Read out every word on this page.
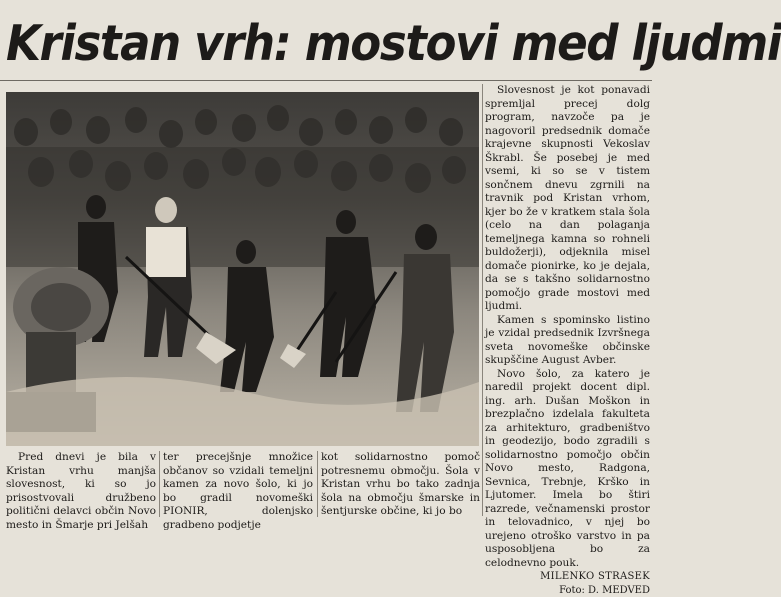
Kristan vrh: mostovi med ljudmi

Slovesnost je kot ponavadi spremljal precej dolg program, navzoče pa je nagovoril predsednik domače krajevne skupnosti Vekoslav Škrabl. Še posebej je med vsemi, ki so se v tistem sončnem dnevu zgrnili na travnik pod Kristan vrhom, kjer bo že v kratkem stala šola (celo na dan polaganja temeljnega kamna so rohneli buldožerji), odjeknila misel domače pionirke, ko je dejala, da se s takšno solidarnostno pomočjo grade mostovi med ljudmi.

Kamen s spominsko listino je vzidal predsednik Izvršnega sveta novomeške občinske skupščine August Avber.

Novo šolo, za katero je naredil projekt docent dipl. ing. arh. Dušan Moškon in brezplačno izdelala fakulteta za arhitekturo, gradbeništvo in geodezijo, bodo zgradili s solidarnostno pomočjo občin Novo mesto, Radgona, Sevnica, Trebnje, Krško in Ljutomer. Imela bo štiri razrede, večnamenski prostor in telovadnico, v njej bo urejeno otroško varstvo in pa usposobljena bo za celodnevno pouk.

MILENKO STRASEK

Foto: D. MEDVED

Pred dnevi je bila v Kristan vrhu manjša slovesnost, ki so jo prisostvovali družbeno politični delavci občin Novo mesto in Šmarje pri Jelšah

ter precejšnje množice občanov so vzidali temeljni kamen za novo šolo, ki jo bo gradil novomeški PIONIR, dolenjsko gradbeno podjetje

kot solidarnostno pomoč potresnemu območju. Šola v Kristan vrhu bo tako zadnja šola na območju šmarske in šentjurske občine, ki jo bo
